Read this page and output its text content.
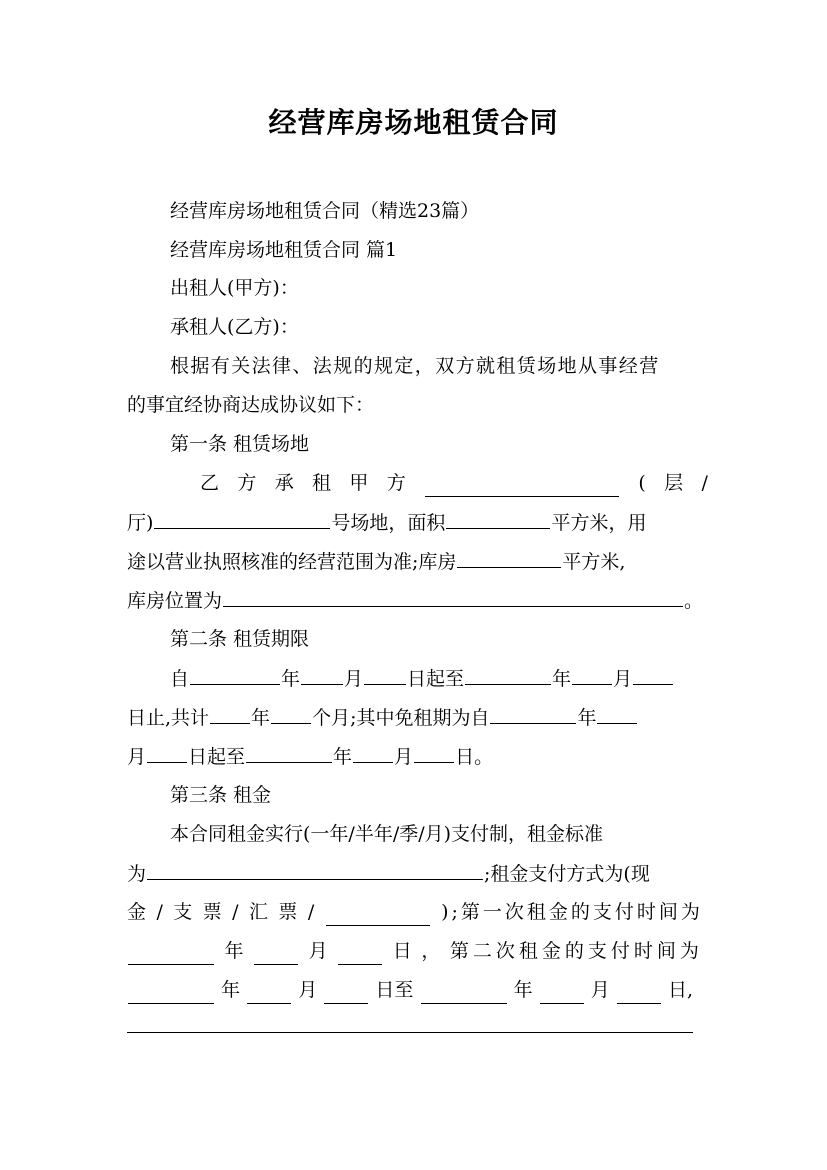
经营库房场地租赁合同
经营库房场地租赁合同（精选23篇）
经营库房场地租赁合同 篇1
出租人(甲方)：
承租人(乙方)：
根据有关法律、法规的规定，双方就租赁场地从事经营
的事宜经协商达成协议如下：
第一条 租赁场地
乙 方 承 租 甲 方	( 层 /
厅)	号场地，面积	平方米，用
途以营业执照核准的经营范围为准;库房	平方米,
库房位置为	。
第二条 租赁期限
自	年 月 日起至	年 月
日止,共计 年 个月;其中免租期为自	年
月 日起至	年 月 日。
第三条 租金
本合同租金实行(一年/半年/季/月)支付制，租金标准
为	;租金支付方式为(现
金 / 支 票 / 汇 票 /	);第一次租金的支付时间为
年	月	日 ， 第二次租金的支付时间为
年	月	日至	年	月	日,
